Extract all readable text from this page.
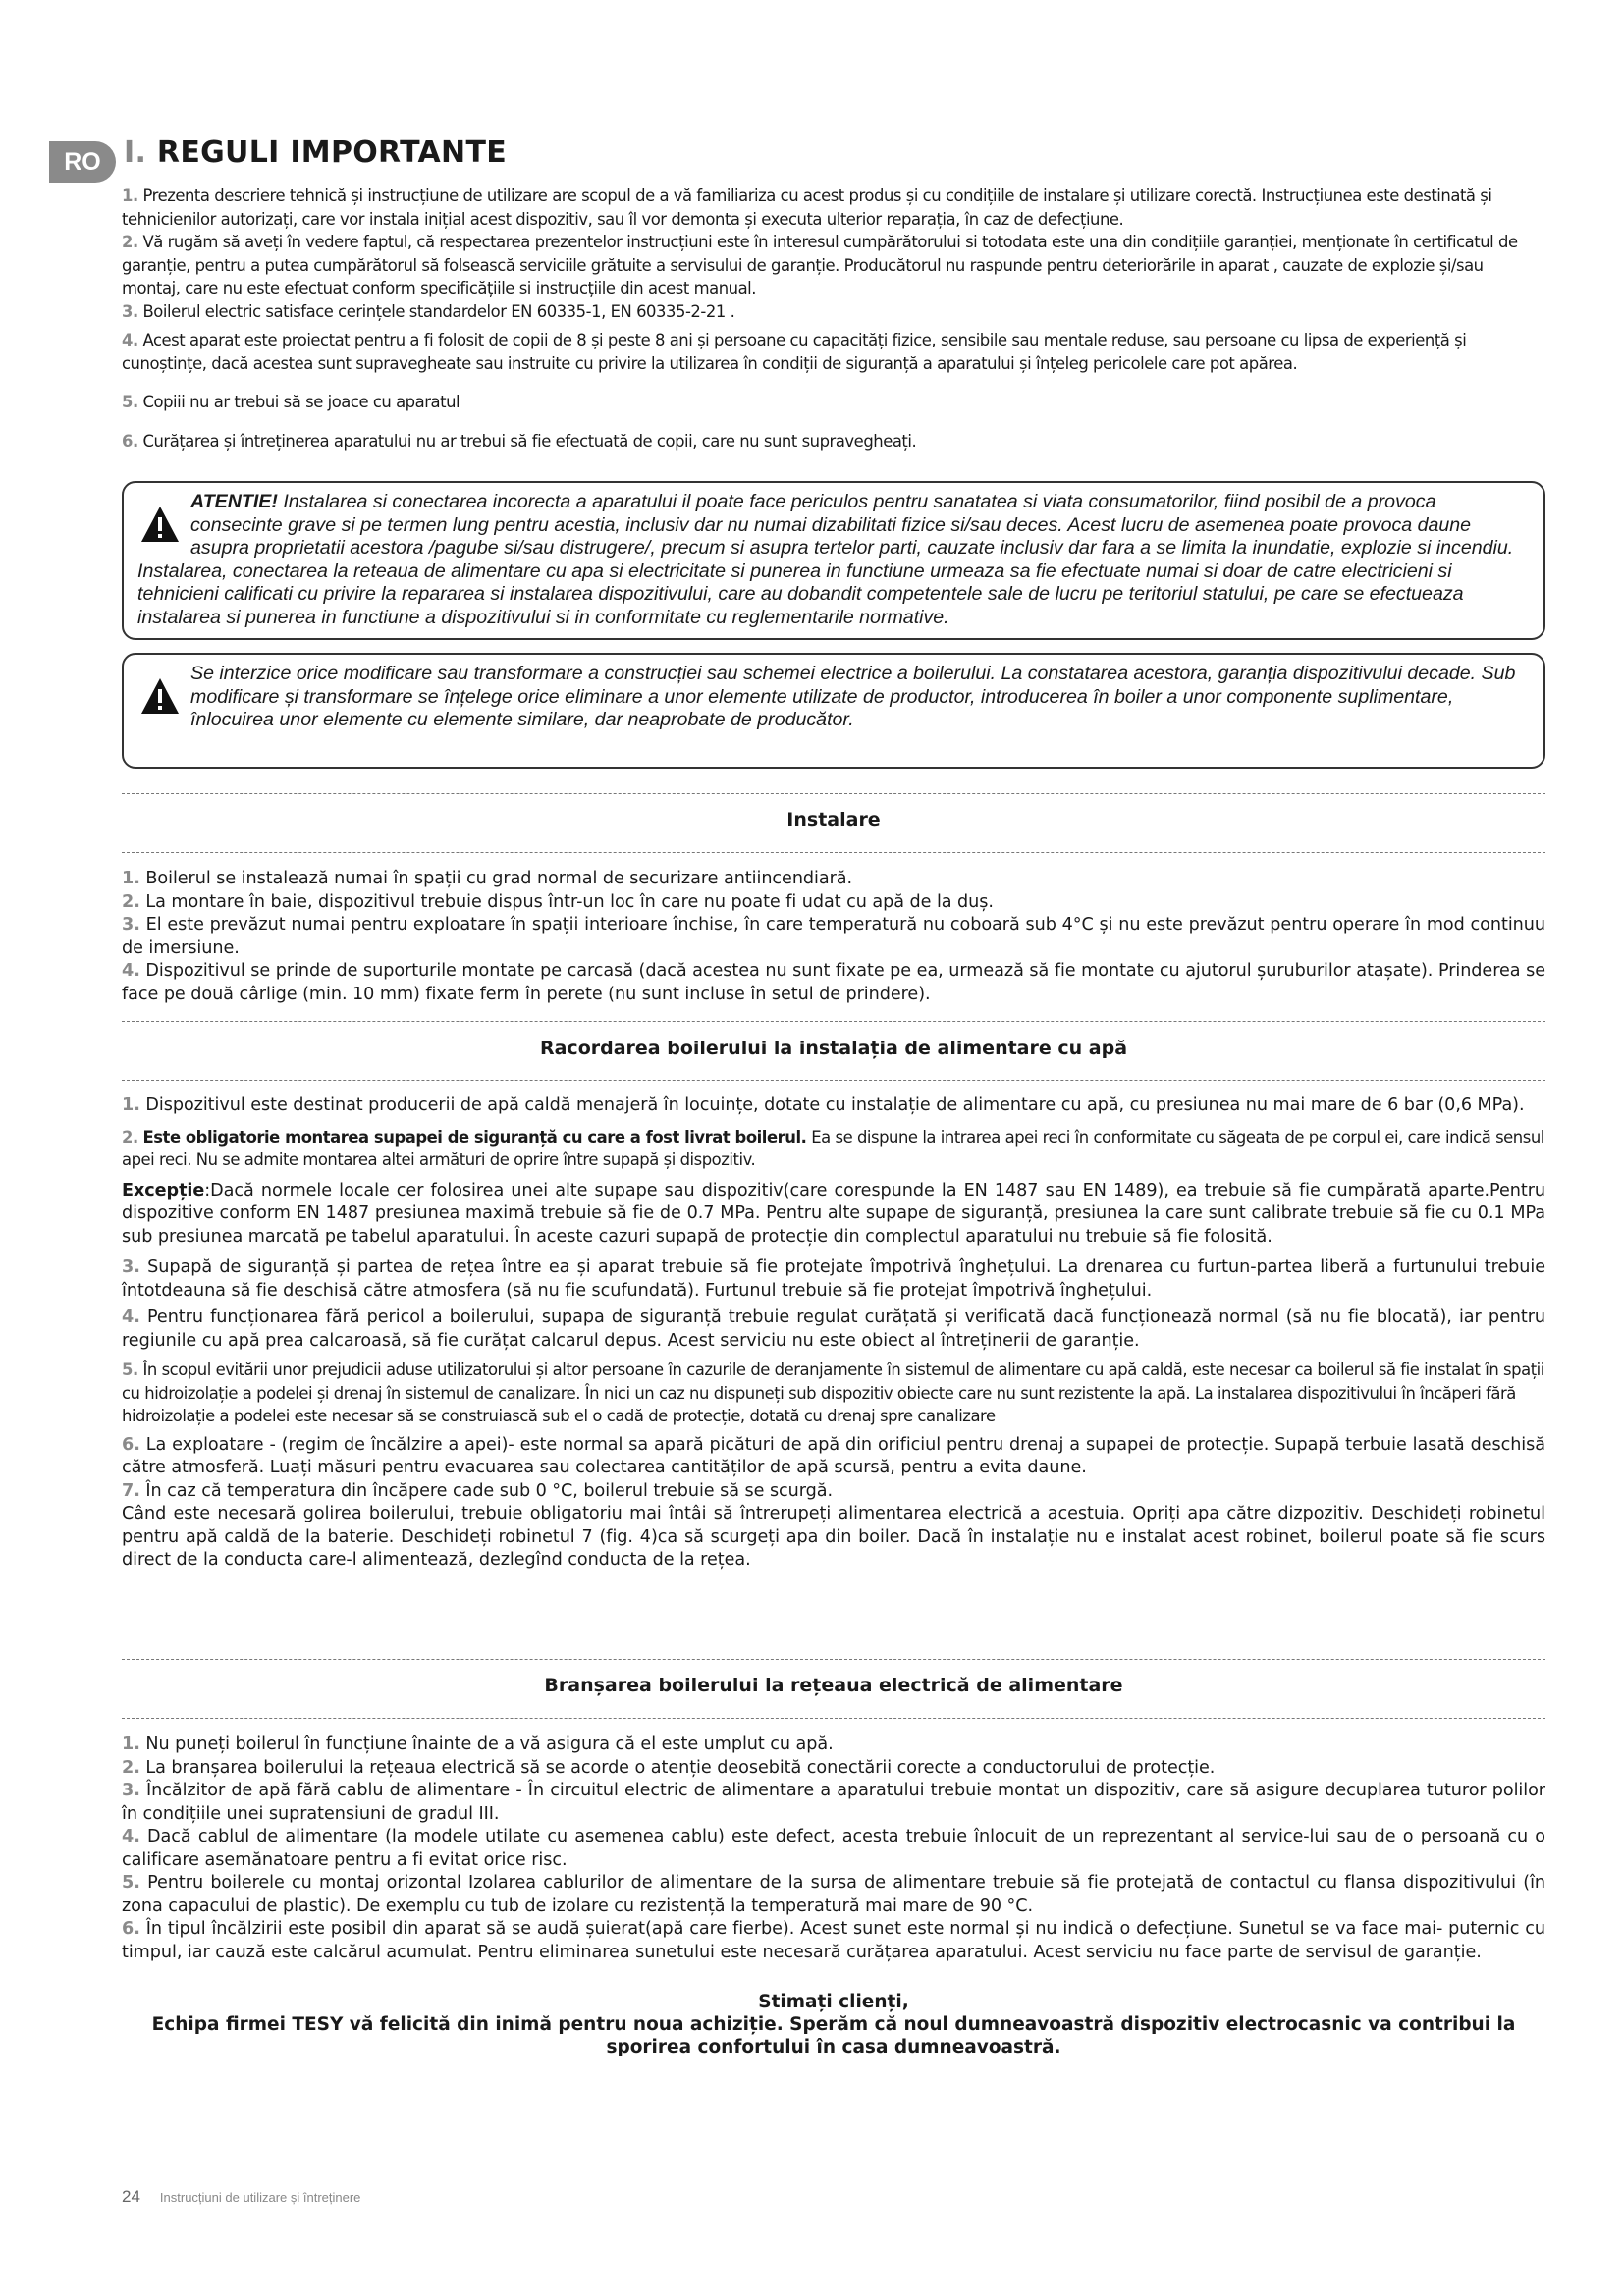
RO I. REGULI IMPORTANTE

1. Prezenta descriere tehnică și instrucțiune de utilizare are scopul de a vă familiariza cu acest produs și cu condițiile de instalare și utilizare corectă. Instrucțiunea este destinată și tehnicienilor autorizați, care vor instala inițial acest dispozitiv, sau îl vor demonta și executa ulterior reparația, în caz de defecțiune.

2. Vă rugăm să aveți în vedere faptul, că respectarea prezentelor instrucțiuni este în interesul cumpărătorului si totodata este una din condițiile garanției, menționate în certificatul de garanție, pentru a putea cumpărătorul să folsească serviciile grătuite a servisului de garanție. Producătorul nu raspunde pentru deteriorările in aparat , cauzate de explozie și/sau montaj, care nu este efectuat conform specificățiile si instrucțiile din acest manual.

3. Boilerul electric satisface cerințele standardelor EN 60335-1, EN 60335-2-21 .

4. Acest aparat este proiectat pentru a fi folosit de copii de 8 și peste 8 ani și persoane cu capacități fizice, sensibile sau mentale reduse, sau persoane cu lipsa de experiență și cunoștințe, dacă acestea sunt supravegheate sau instruite cu privire la utilizarea în condiții de siguranță a aparatului și înțeleg pericolele care pot apărea.

5. Copiii nu ar trebui să se joace cu aparatul

6. Curățarea și întreținerea aparatului nu ar trebui să fie efectuată de copii, care nu sunt supravegheați.

ATENTIE! Instalarea si conectarea incorecta a aparatului il poate face periculos pentru sanatatea si viata consumatorilor, fiind posibil de a provoca consecinte grave si pe termen lung pentru acestia, inclusiv dar nu numai dizabilitati fizice si/sau deces. Acest lucru de asemenea poate provoca daune asupra proprietatii acestora /pagube si/sau distrugere/, precum si asupra tertelor parti, cauzate inclusiv dar fara a se limita la inundatie, explozie si incendiu. Instalarea, conectarea la reteaua de alimentare cu apa si electricitate si punerea in functiune urmeaza sa fie efectuate numai si doar de catre electricieni si tehnicieni calificati cu privire la repararea si instalarea dispozitivului, care au dobandit competentele sale de lucru pe teritoriul statului, pe care se efectueaza instalarea si punerea in functiune a dispozitivului si in conformitate cu reglementarile normative.
Se interzice orice modificare sau transformare a construcției sau schemei electrice a boilerului. La constatarea acestora, garanția dispozitivului decade. Sub modificare și transformare se înțelege orice eliminare a unor elemente utilizate de productor, introducerea în boiler a unor componente suplimentare, înlocuirea unor elemente cu elemente similare, dar neaprobate de producător.
Instalare

1. Boilerul se instalează numai în spații cu grad normal de securizare antiincendiară.

2. La montare în baie, dispozitivul trebuie dispus într-un loc în care nu poate fi udat cu apă de la duș.

3. El este prevăzut numai pentru exploatare în spații interioare închise, în care temperatură nu coboară sub 4°C și nu este prevăzut pentru operare în mod continuu de imersiune.

4. Dispozitivul se prinde de suporturile montate pe carcasă (dacă acestea nu sunt fixate pe ea, urmează să fie montate cu ajutorul șuruburilor atașate). Prinderea se face pe două cârlige (min. 10 mm) fixate ferm în perete (nu sunt incluse în setul de prindere).

Racordarea boilerului la instalația de alimentare cu apă

1. Dispozitivul este destinat producerii de apă caldă menajeră în locuințe, dotate cu instalație de alimentare cu apă, cu presiunea nu mai mare de 6 bar (0,6 MPa).

2. Este obligatorie montarea supapei de siguranță cu care a fost livrat boilerul. Ea se dispune la intrarea apei reci în conformitate cu săgeata de pe corpul ei, care indică sensul apei reci. Nu se admite montarea altei armături de oprire între supapă și dispozitiv.

Excepție:Dacă normele locale cer folosirea unei alte supape sau dispozitiv(care corespunde la EN 1487 sau EN 1489), ea trebuie să fie cumpărată aparte.Pentru dispozitive conform EN 1487 presiunea maximă trebuie să fie de 0.7 MPa. Pentru alte supape de siguranță, presiunea la care sunt calibrate trebuie să fie cu 0.1 MPa sub presiunea marcată pe tabelul aparatului. În aceste cazuri supapă de protecție din complectul aparatului nu trebuie să fie folosită.

3. Supapă de siguranță și partea de rețea între ea și aparat trebuie să fie protejate împotrivă înghețului. La drenarea cu furtun-partea liberă a furtunului trebuie întotdeauna să fie deschisă către atmosfera (să nu fie scufundată). Furtunul trebuie să fie protejat împotrivă înghețului.

4. Pentru funcționarea fără pericol a boilerului, supapa de siguranță trebuie regulat curățată și verificată dacă funcționează normal (să nu fie blocată), iar pentru regiunile cu apă prea calcaroasă, să fie curățat calcarul depus. Acest serviciu nu este obiect al întreținerii de garanție.

5. În scopul evitării unor prejudicii aduse utilizatorului și altor persoane în cazurile de deranjamente în sistemul de alimentare cu apă caldă, este necesar ca boilerul să fie instalat în spații cu hidroizolație a podelei și drenaj în sistemul de canalizare. În nici un caz nu dispuneți sub dispozitiv obiecte care nu sunt rezistente la apă. La instalarea dispozitivului în încăperi fără hidroizolație a podelei este necesar să se construiască sub el o cadă de protecție, dotată cu drenaj spre canalizare

6. La exploatare - (regim de încălzire a apei)- este normal sa apară picături de apă din orificiul pentru drenaj a supapei de protecție. Supapă terbuie lasată deschisă către atmosferă. Luați măsuri pentru evacuarea sau colectarea cantităților de apă scursă, pentru a evita daune.

7. În caz că temperatura din încăpere cade sub 0 °C, boilerul trebuie să se scurgă.

Când este necesară golirea boilerului, trebuie obligatoriu mai întâi să întrerupeți alimentarea electrică a acestuia. Opriți apa către dizpozitiv. Deschideți robinetul pentru apă caldă de la baterie. Deschideți robinetul 7 (fig. 4)ca să scurgeți apa din boiler. Dacă în instalație nu e instalat acest robinet, boilerul poate să fie scurs direct de la conducta care-l alimentează, dezlegînd conducta de la rețea.

Branșarea boilerului la rețeaua electrică de alimentare

1. Nu puneți boilerul în funcțiune înainte de a vă asigura că el este umplut cu apă.

2. La branșarea boilerului la rețeaua electrică să se acorde o atenție deosebită conectării corecte a conductorului de protecție.

3. Încălzitor de apă fără cablu de alimentare - În circuitul electric de alimentare a aparatului trebuie montat un dispozitiv, care să asigure decuplarea tuturor polilor în condițiile unei supratensiuni de gradul III.

4. Dacă cablul de alimentare (la modele utilate cu asemenea cablu) este defect, acesta trebuie înlocuit de un reprezentant al service-lui sau de o persoană cu o calificare asemănatoare pentru a fi evitat orice risc.

5. Pentru boilerele cu montaj orizontal Izolarea cablurilor de alimentare de la sursa de alimentare trebuie să fie protejată de contactul cu flansa dispozitivului (în zona capacului de plastic). De exemplu cu tub de izolare cu rezistență la temperatură mai mare de 90 °C.

6. În tipul încălzirii este posibil din aparat să se audă șuierat(apă care fierbe). Acest sunet este normal și nu indică o defecțiune. Sunetul se va face mai- puternic cu timpul, iar cauză este calcărul acumulat. Pentru eliminarea sunetului este necesară curățarea aparatului. Acest serviciu nu face parte de servisul de garanție.

Stimați clienți,
Echipa firmei TESY vă felicită din inimă pentru noua achiziție. Sperăm că noul dumneavoastră dispozitiv electrocasnic va contribui la sporirea confortului în casa dumneavoastră.
24 Instrucțiuni de utilizare și întreținere
